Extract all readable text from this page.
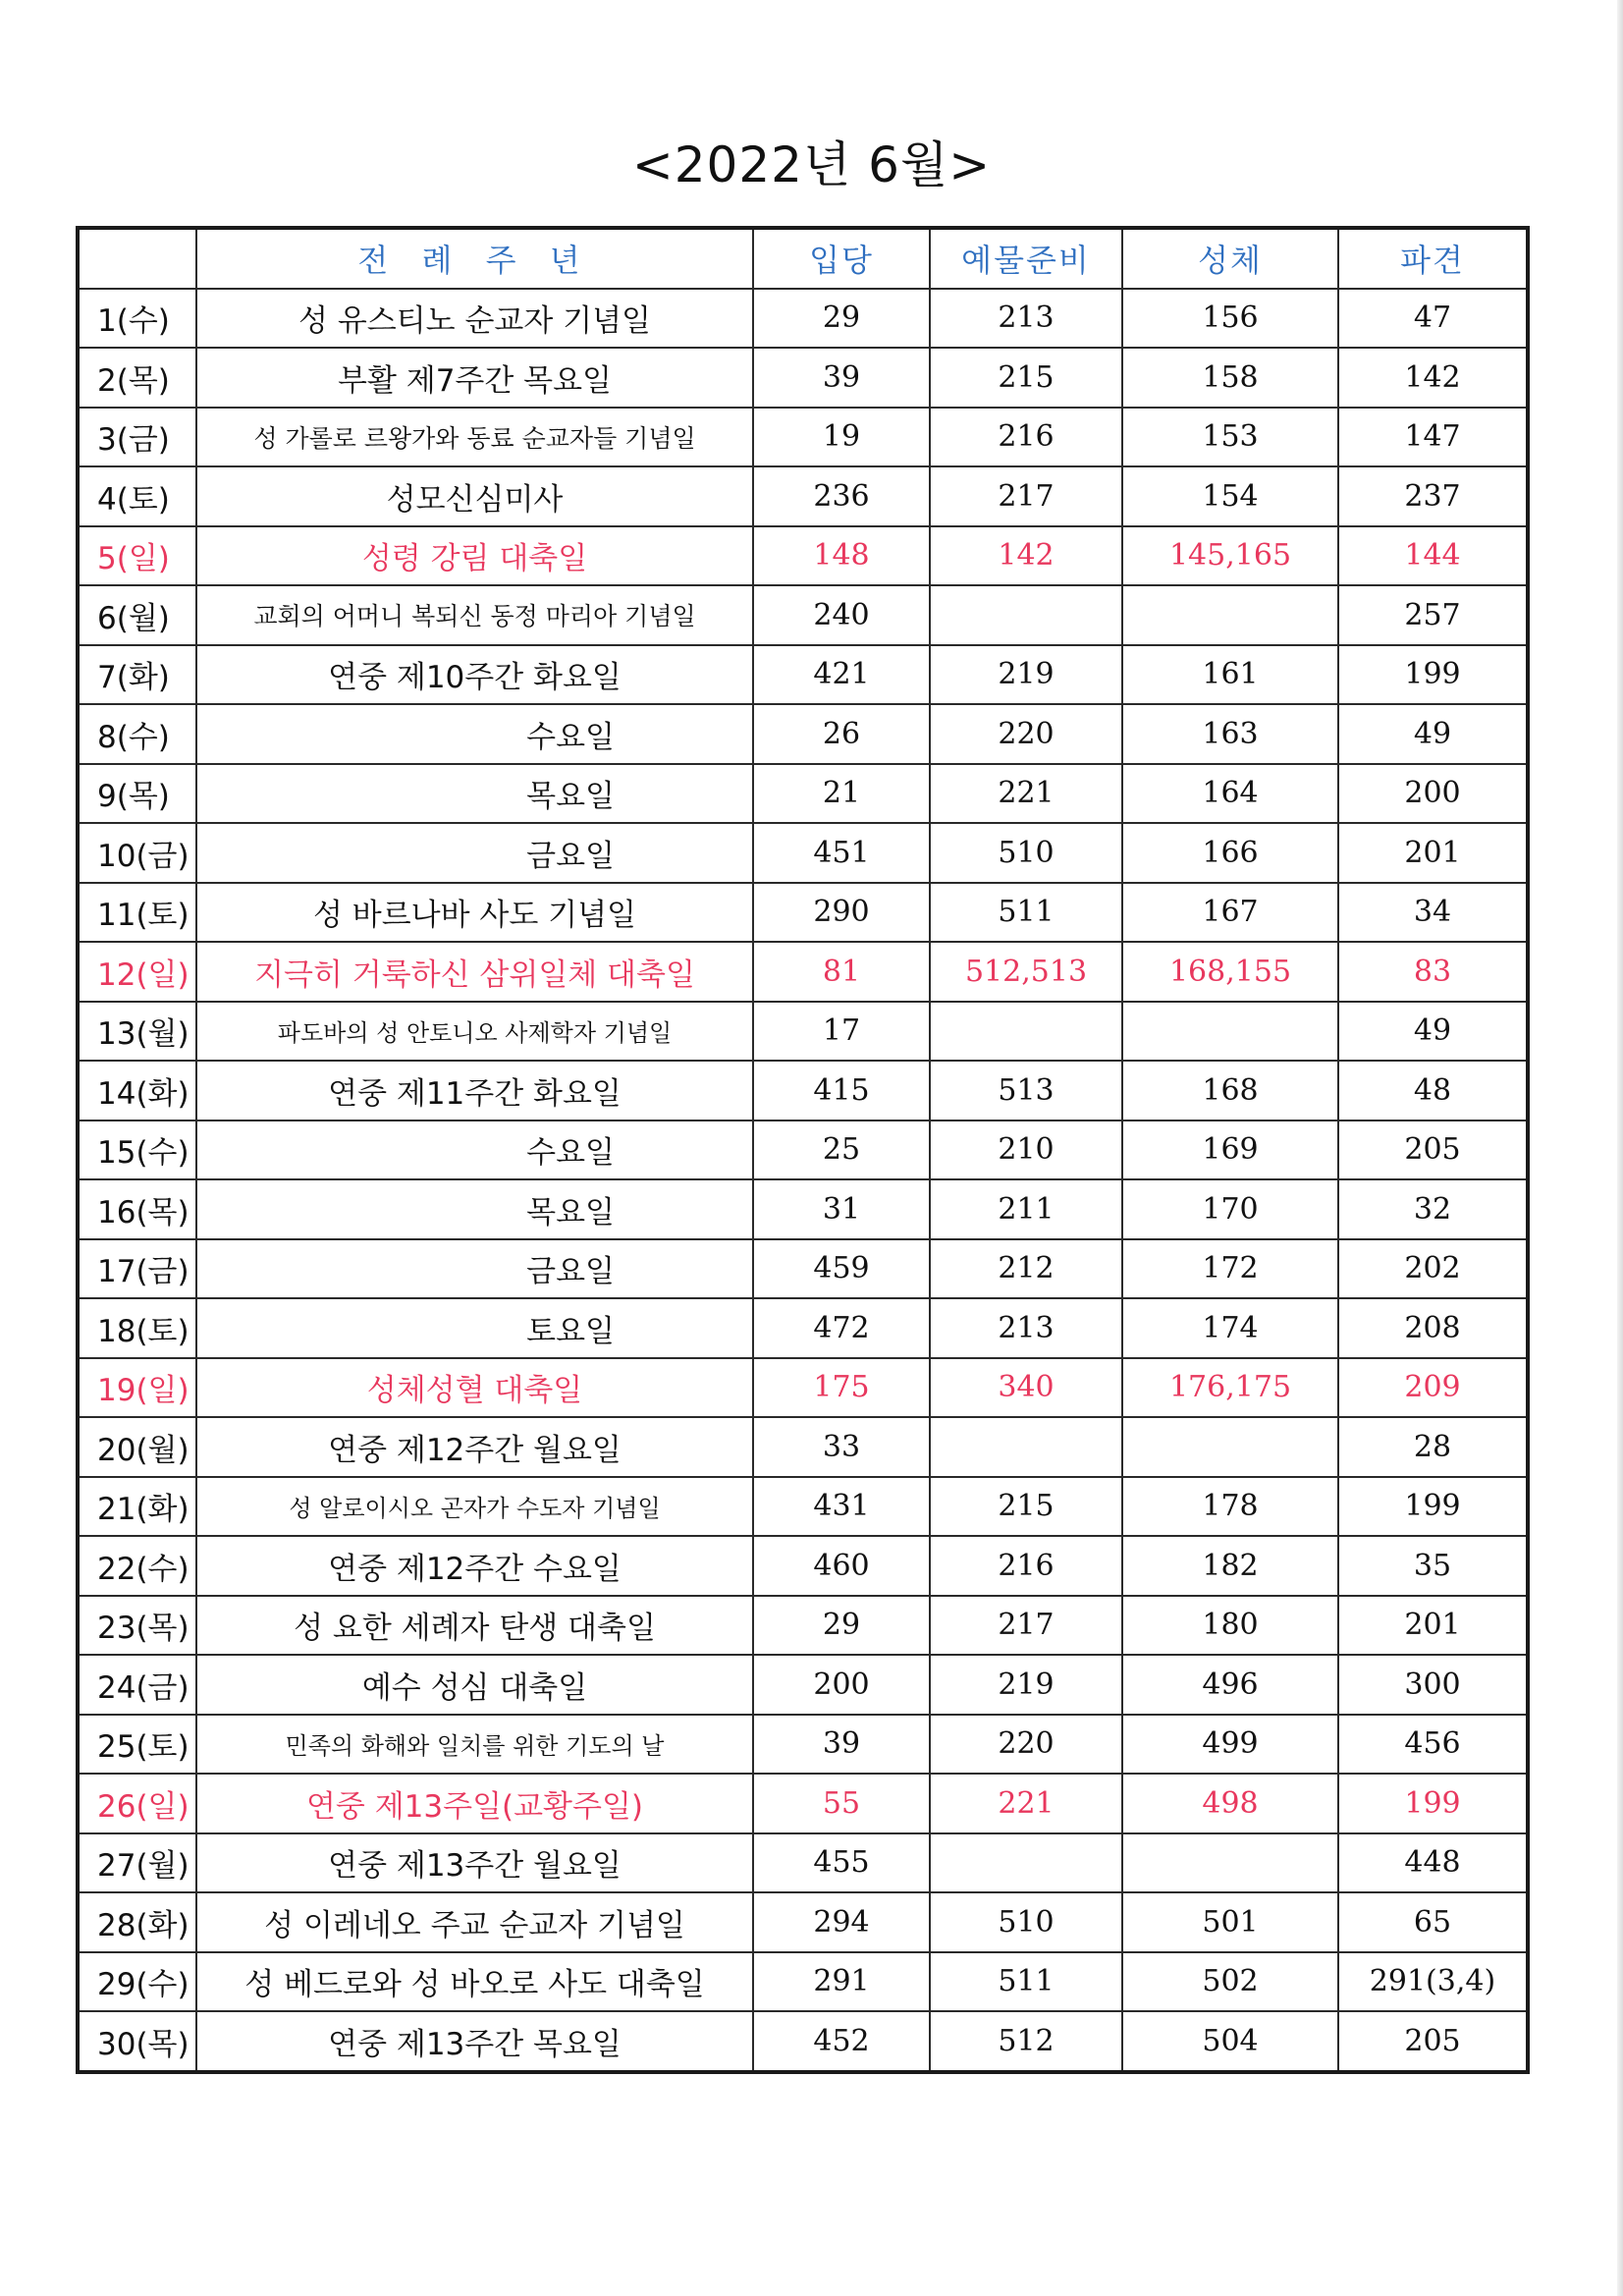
<2022년 6월>
	전 례 주 년	입당	예물준비	성체	파견
1(수)	성 유스티노 순교자 기념일	29	213	156	47
2(목)	부활 제7주간 목요일	39	215	158	142
3(금)	성 가롤로 르왕가와 동료 순교자들 기념일	19	216	153	147
4(토)	성모신심미사	236	217	154	237
5(일)	성령 강림 대축일	148	142	145,165	144
6(월)	교회의 어머니 복되신 동정 마리아 기념일	240			257
7(화)	연중 제10주간 화요일	421	219	161	199
8(수)	수요일	26	220	163	49
9(목)	목요일	21	221	164	200
10(금)	금요일	451	510	166	201
11(토)	성 바르나바 사도 기념일	290	511	167	34
12(일)	지극히 거룩하신 삼위일체 대축일	81	512,513	168,155	83
13(월)	파도바의 성 안토니오 사제학자 기념일	17			49
14(화)	연중 제11주간 화요일	415	513	168	48
15(수)	수요일	25	210	169	205
16(목)	목요일	31	211	170	32
17(금)	금요일	459	212	172	202
18(토)	토요일	472	213	174	208
19(일)	성체성혈 대축일	175	340	176,175	209
20(월)	연중 제12주간 월요일	33			28
21(화)	성 알로이시오 곤자가 수도자 기념일	431	215	178	199
22(수)	연중 제12주간 수요일	460	216	182	35
23(목)	성 요한 세례자 탄생 대축일	29	217	180	201
24(금)	예수 성심 대축일	200	219	496	300
25(토)	민족의 화해와 일치를 위한 기도의 날	39	220	499	456
26(일)	연중 제13주일(교황주일)	55	221	498	199
27(월)	연중 제13주간 월요일	455			448
28(화)	성 이레네오 주교 순교자 기념일	294	510	501	65
29(수)	성 베드로와 성 바오로 사도 대축일	291	511	502	291(3,4)
30(목)	연중 제13주간 목요일	452	512	504	205
